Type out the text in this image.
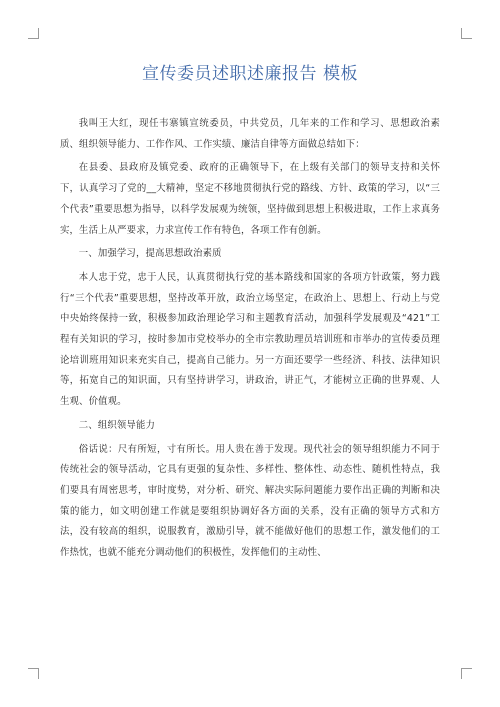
宣传委员述职述廉报告 模板

我叫王大红，现任韦寨镇宣统委员，中共党员，几年来的工作和学习、思想政治素质、组织领导能力、工作作风、工作实绩、廉洁自律等方面做总结如下：

在县委、县政府及镇党委、政府的正确领导下，在上级有关部门的领导支持和关怀下，认真学习了党的__大精神，坚定不移地贯彻执行党的路线、方针、政策的学习，以“三个代表”重要思想为指导，以科学发展观为统领，坚持做到思想上积极进取，工作上求真务实，生活上从严要求，力求宣传工作有特色，各项工作有创新。

一、加强学习，提高思想政治素质

本人忠于党，忠于人民，认真贯彻执行党的基本路线和国家的各项方针政策，努力践行“三个代表”重要思想，坚持改革开放，政治立场坚定，在政治上、思想上、行动上与党中央始终保持一致，积极参加政治理论学习和主题教育活动，加强科学发展观及“421”工程有关知识的学习，按时参加市党校举办的全市宗教助理员培训班和市举办的宣传委员理论培训班用知识来充实自己，提高自己能力。另一方面还要学一些经济、科技、法律知识等，拓宽自己的知识面，只有坚持讲学习，讲政治，讲正气，才能树立正确的世界观、人生观、价值观。

二、组织领导能力

俗话说：尺有所短，寸有所长。用人贵在善于发现。现代社会的领导组织能力不同于传统社会的领导活动，它具有更强的复杂性、多样性、整体性、动态性、随机性特点，我们要具有周密思考，审时度势，对分析、研究、解决实际问题能力要作出正确的判断和决策的能力，如文明创建工作就是要组织协调好各方面的关系，没有正确的领导方式和方法，没有较高的组织，说服教育，激励引导，就不能做好他们的思想工作，激发他们的工作热忱，也就不能充分调动他们的积极性，发挥他们的主动性、
